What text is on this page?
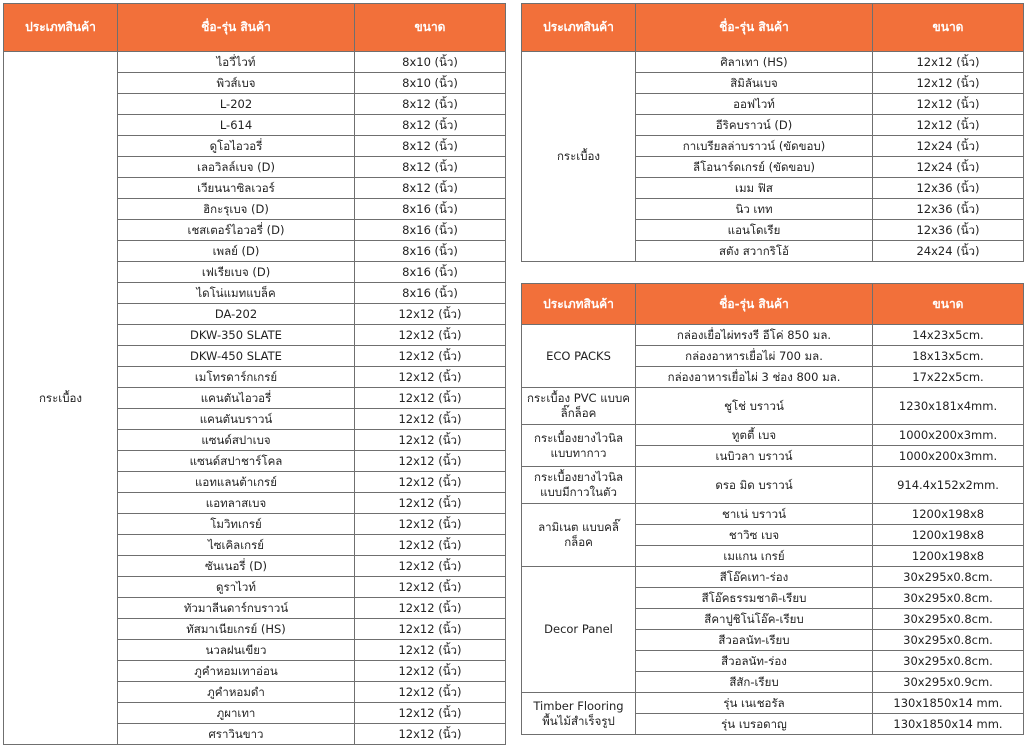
ประเภทสินค้า	ชื่อ-รุ่น สินค้า	ขนาด
กระเบื้อง	ไอวี่ไวท์	8x10 (นิ้ว)
	พิวส์เบจ	8x10 (นิ้ว)
	L-202	8x12 (นิ้ว)
	L-614	8x12 (นิ้ว)
	ดูโอไอวอรี่	8x12 (นิ้ว)
	เลอวิลล์เบจ (D)	8x12 (นิ้ว)
	เวียนนาซิลเวอร์	8x12 (นิ้ว)
	ฮิกะรุเบจ (D)	8x16 (นิ้ว)
	เชสเตอร์ไอวอรี่ (D)	8x16 (นิ้ว)
	เพลย์ (D)	8x16 (นิ้ว)
	เฟเรียเบจ (D)	8x16 (นิ้ว)
	ไดโน่แมทแบล็ค	8x16 (นิ้ว)
	DA-202	12x12 (นิ้ว)
	DKW-350 SLATE	12x12 (นิ้ว)
	DKW-450 SLATE	12x12 (นิ้ว)
	เมโทรดาร์กเกรย์	12x12 (นิ้ว)
	แคนตันไอวอรี่	12x12 (นิ้ว)
	แคนตันบราวน์	12x12 (นิ้ว)
	แซนด์สปาเบจ	12x12 (นิ้ว)
	แซนด์สปาชาร์โคล	12x12 (นิ้ว)
	แอทแลนต้าเกรย์	12x12 (นิ้ว)
	แอทลาสเบจ	12x12 (นิ้ว)
	โมวิทเกรย์	12x12 (นิ้ว)
	ไซเคิลเกรย์	12x12 (นิ้ว)
	ซันเนอรี่ (D)	12x12 (นิ้ว)
	ดูราไวท์	12x12 (นิ้ว)
	ทัวมาลีนดาร์กบราวน์	12x12 (นิ้ว)
	ทัสมาเนียเกรย์ (HS)	12x12 (นิ้ว)
	นวลฝนเขียว	12x12 (นิ้ว)
	ภูคำหอมเทาอ่อน	12x12 (นิ้ว)
	ภูคำหอมดำ	12x12 (นิ้ว)
	ภูผาเทา	12x12 (นิ้ว)
	ศราวินขาว	12x12 (นิ้ว)
ประเภทสินค้า	ชื่อ-รุ่น สินค้า	ขนาด
กระเบื้อง	ศิลาเทา (HS)	12x12 (นิ้ว)
	สิมิลันเบจ	12x12 (นิ้ว)
	ออฟไวท์	12x12 (นิ้ว)
	อีริคบราวน์ (D)	12x12 (นิ้ว)
	กาเบรียลล่าบราวน์ (ขัดขอบ)	12x24 (นิ้ว)
	ลีโอนาร์ดเกรย์ (ขัดขอบ)	12x24 (นิ้ว)
	เมม ฟิส	12x36 (นิ้ว)
	นิว เทท	12x36 (นิ้ว)
	แอนโดเรีย	12x36 (นิ้ว)
	สตัง สวากริโอ้	24x24 (นิ้ว)
ประเภทสินค้า	ชื่อ-รุ่น สินค้า	ขนาด
ECO PACKS	กล่องเยื่อไผ่ทรงรี อีโค่ 850 มล.	14x23x5cm.
	กล่องอาหารเยื่อไผ่ 700 มล.	18x13x5cm.
	กล่องอาหารเยื่อไผ่ 3 ช่อง 800 มล.	17x22x5cm.
กระเบื้อง PVC แบบคลิ๊กล็อค	ชูโช่ บราวน์	1230x181x4mm.
กระเบื้องยางไวนิล แบบทากาว	ทูตตี้ เบจ	1000x200x3mm.
	เนบิวลา บราวน์	1000x200x3mm.
กระเบื้องยางไวนิล แบบมีกาวในตัว	ดรอ มิด บราวน์	914.4x152x2mm.
ลามิเนต แบบคลิ๊กล็อค	ชาเน่ บราวน์	1200x198x8
	ชาวิซ เบจ	1200x198x8
	เมแกน เกรย์	1200x198x8
Decor Panel	สีโอ๊คเทา-ร่อง	30x295x0.8cm.
	สีโอ๊คธรรมชาติ-เรียบ	30x295x0.8cm.
	สีคาปูชิโน่โอ๊ค-เรียบ	30x295x0.8cm.
	สีวอลนัท-เรียบ	30x295x0.8cm.
	สีวอลนัท-ร่อง	30x295x0.8cm.
	สีสัก-เรียบ	30x295x0.9cm.
Timber Flooring พื้นไม้สำเร็จรูป	รุ่น เนเชอรัล	130x1850x14 mm.
	รุ่น เบรอดาญ	130x1850x14 mm.
